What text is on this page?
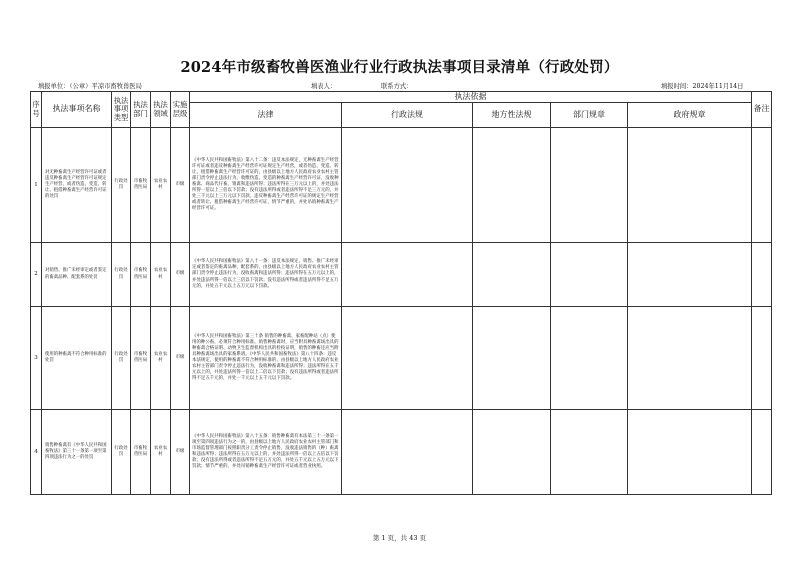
2024年市级畜牧兽医渔业行业行政执法事项目录清单（行政处罚）
填报单位：（公章）平凉市畜牧兽医局	填表人：	联系方式：	填报时间：2024年11月14日
序号	执法事项名称	执法事项类型	执法部门	执法领域	实施层级	执法依据					备注
						法律	行政法规	地方性法规	部门规章	政府规章	
1	对无种畜禽生产经营许可证或者违反种畜禽生产经营许可证规定生产经营，或者伪造、变造、转让、租借种畜禽生产经营许可证的处罚	行政处罚	市畜牧兽医局	农业农村	市级	《中华人民共和国畜牧法》第八十二条：违反本法规定，无种畜禽生产经营许可证或者违反种畜禽生产经营许可证规定生产经营，或者伪造、变造、转让、租借种畜禽生产经营许可证的，由县级以上地方人民政府农业农村主管部门责令停止违法行为，收缴伪造、变造的种畜禽生产经营许可证，没收种畜禽、商品代仔畜、雏禽和违法所得；违法所得在三万元以上的，并处违法所得一倍以上三倍以下罚款；没有违法所得或者违法所得不足三万元的，并处三千元以上三万元以下罚款。违反种畜禽生产经营许可证的规定生产经营或者转让、租借种畜禽生产经营许可证，情节严重的，并处吊销种畜禽生产经营许可证。					
2	对销售、推广未经审定或者鉴定的畜禽品种、配套系的处罚	行政处罚	市畜牧兽医局	农业农村	市级	《中华人民共和国畜牧法》第八十一条：违反本法规定，销售、推广未经审定或者鉴定的畜禽品种、配套系的，由县级以上地方人民政府农业农村主管部门责令停止违法行为，没收畜禽和违法所得；违法所得在五万元以上的，并处违法所得一倍以上三倍以下罚款；没有违法所得或者违法所得不足五万元的，并处五千元以上五万元以下罚款。					
3	使用的种畜禽不符合种用标准的处罚	行政处罚	市畜牧兽医局	农业农村	市级	《中华人民共和国畜牧法》第三十条 销售的种畜禽、家畜配种站（点）使用的种公畜，必须符合种用标准。销售种畜禽时，应当附具种畜禽场出具的种畜禽合格证明、动物卫生监督机构出具的检疫证明，销售的种畜还应当附具种畜禽场出具的家畜系谱。《中华人民共和国畜牧法》第八十四条：违反本法规定，使用的种畜禽不符合种用标准的，由县级以上地方人民政府农业农村主管部门责令停止违法行为，没收种畜禽和违法所得；违法所得在五千元以上的，并处违法所得一倍以上二倍以下罚款；没有违法所得或者违法所得不足五千元的，并处一千元以上五千元以下罚款。					
4	销售种畜禽有《中华人民共和国畜牧法》第三十一条第一项至第四项违法行为之一的处罚	行政处罚	市畜牧兽医局	农业农村	市级	《中华人民共和国畜牧法》第八十五条：销售种畜禽有本法第三十一条第一项至第四项违法行为之一的，由县级以上地方人民政府农业农村主管部门和市场监督管理部门按照职责分工责令停止销售，没收违法销售的（种）畜禽和违法所得；违法所得在五万元以上的，并处违法所得一倍以上五倍以下罚款；没有违法所得或者违法所得不足五万元的，并处五千元以上五万元以下罚款；情节严重的，并处吊销种畜禽生产经营许可证或者营业执照。					
第 1 页，共 43 页
